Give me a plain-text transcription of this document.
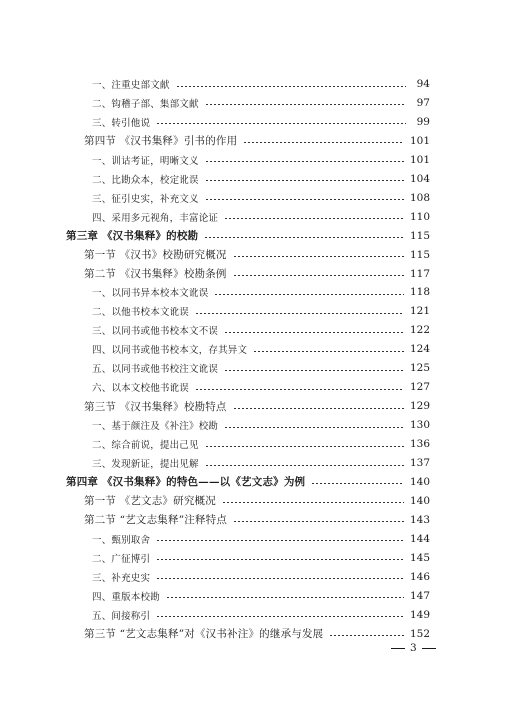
一、注重史部文献	94
二、钩稽子部、集部文献	97
三、转引他说	99
第四节 《汉书集释》引书的作用	101
一、训诂考证，明晰文义	101
二、比勘众本，校定讹误	104
三、征引史实，补充文义	108
四、采用多元视角，丰富论证	110
第三章 《汉书集释》的校勘	115
第一节 《汉书》校勘研究概况	115
第二节 《汉书集释》校勘条例	117
一、以同书异本校本文讹误	118
二、以他书校本文讹误	121
三、以同书或他书校本文不误	122
四、以同书或他书校本文，存其异文	124
五、以同书或他书校注文讹误	125
六、以本文校他书讹误	127
第三节 《汉书集释》校勘特点	129
一、基于颜注及《补注》校勘	130
二、综合前说，提出己见	136
三、发现新证，提出见解	137
第四章 《汉书集释》的特色——以《艺文志》为例	140
第一节 《艺文志》研究概况	140
第二节 “艺文志集释”注释特点	143
一、甄别取舍	144
二、广征博引	145
三、补充史实	146
四、重版本校勘	147
五、间接称引	149
第三节 “艺文志集释”对《汉书补注》的继承与发展	152
3
